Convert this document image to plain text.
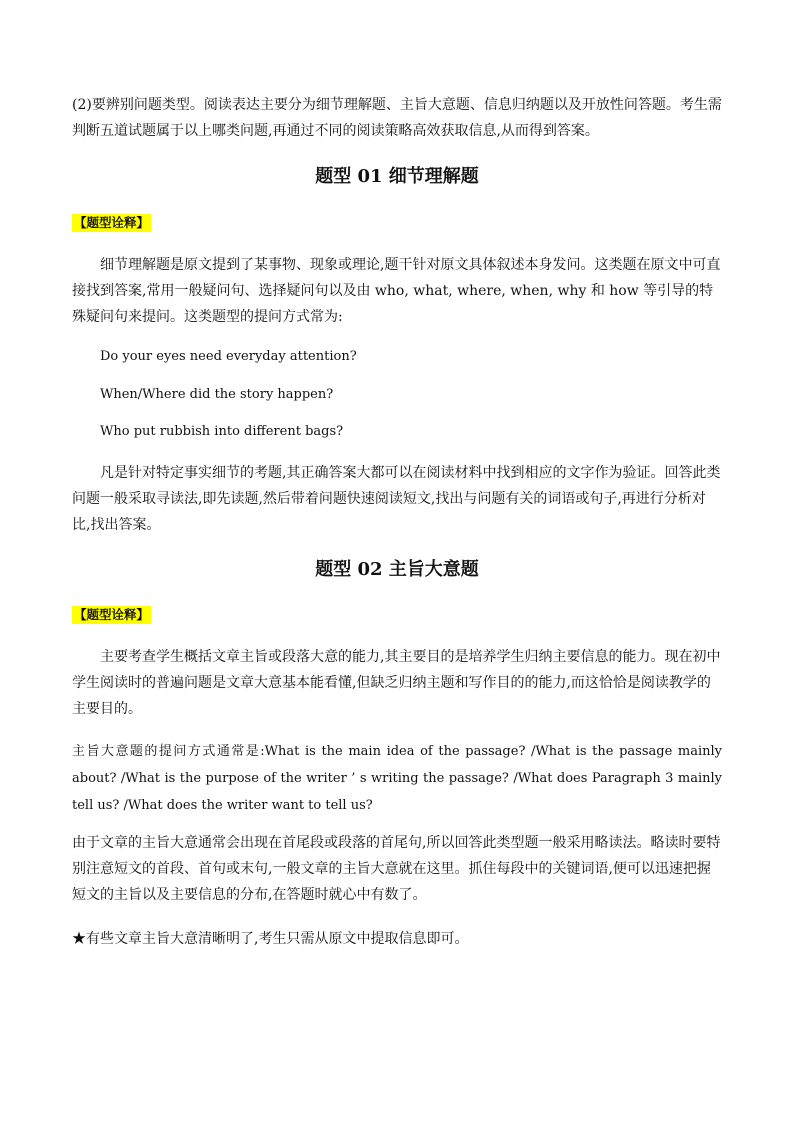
(2)要辨别问题类型。阅读表达主要分为细节理解题、主旨大意题、信息归纳题以及开放性问答题。考生需判断五道试题属于以上哪类问题,再通过不同的阅读策略高效获取信息,从而得到答案。

题型 01 细节理解题
【题型诠释】

细节理解题是原文提到了某事物、现象或理论,题干针对原文具体叙述本身发问。这类题在原文中可直接找到答案,常用一般疑问句、选择疑问句以及由 who, what, where, when, why 和 how 等引导的特殊疑问句来提问。这类题型的提问方式常为:

Do your eyes need everyday attention?

When/Where did the story happen?

Who put rubbish into different bags?

凡是针对特定事实细节的考题,其正确答案大都可以在阅读材料中找到相应的文字作为验证。回答此类问题一般采取寻读法,即先读题,然后带着问题快速阅读短文,找出与问题有关的词语或句子,再进行分析对比,找出答案。

题型 02 主旨大意题
【题型诠释】

主要考查学生概括文章主旨或段落大意的能力,其主要目的是培养学生归纳主要信息的能力。现在初中学生阅读时的普遍问题是文章大意基本能看懂,但缺乏归纳主题和写作目的的能力,而这恰恰是阅读教学的主要目的。

主旨大意题的提问方式通常是:What is the main idea of the passage? /What is the passage mainly about? /What is the purpose of the writer ’ s writing the passage? /What does Paragraph 3 mainly tell us? /What does the writer want to tell us?

由于文章的主旨大意通常会出现在首尾段或段落的首尾句,所以回答此类型题一般采用略读法。略读时要特别注意短文的首段、首句或末句,一般文章的主旨大意就在这里。抓住每段中的关键词语,便可以迅速把握短文的主旨以及主要信息的分布,在答题时就心中有数了。

★有些文章主旨大意清晰明了,考生只需从原文中提取信息即可。
